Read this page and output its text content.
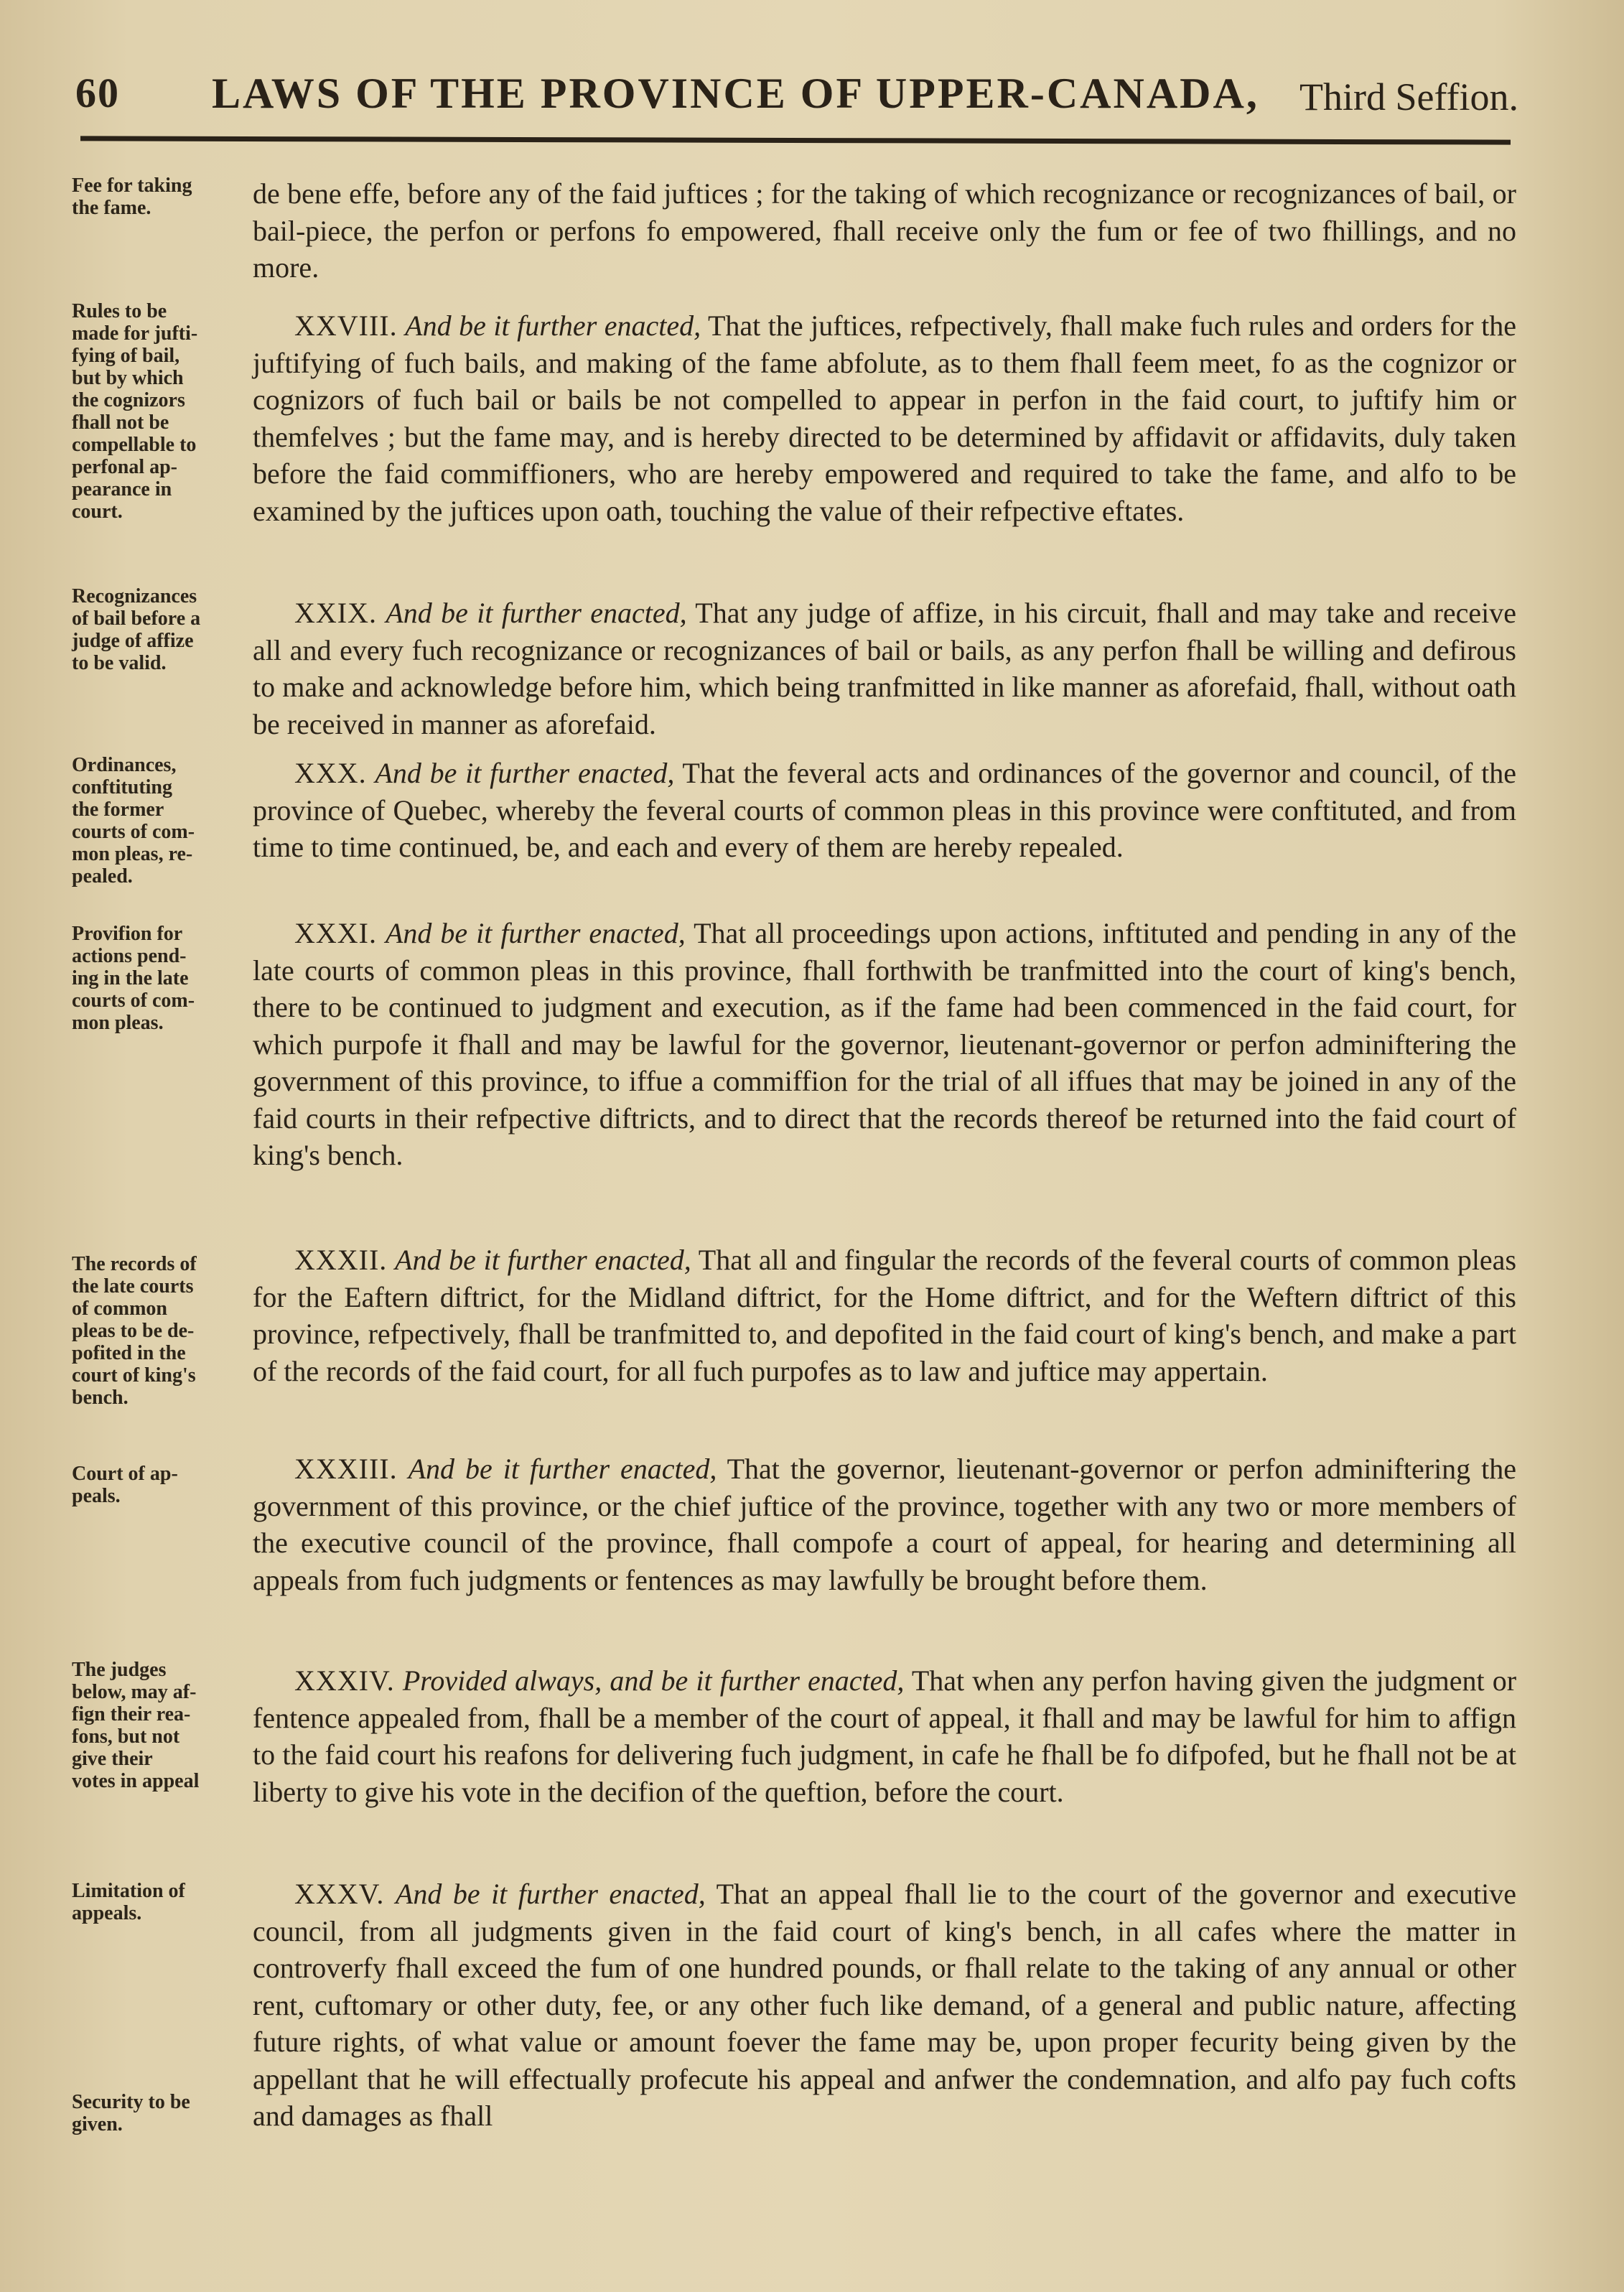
60 LAWS OF THE PROVINCE OF UPPER-CANADA, Third Seffion.
Fee for taking
the fame.	de bene effe, before any of the faid juftices ; for the taking of which recognizance or recognizances of bail, or bail-piece, the perfon or perfons fo empowered, fhall receive only the fum or fee of two fhillings, and no more.
Rules to be
made for jufti-
fying of bail,
but by which
the cognizors
fhall not be
compellable to
perfonal ap-
pearance in
court.
XXVIII. And be it further enacted, That the juftices, refpectively, fhall make fuch rules and orders for the juftifying of fuch bails, and making of the fame abfolute, as to them fhall feem meet, fo as the cognizor or cognizors of fuch bail or bails be not compelled to appear in perfon in the faid court, to juftify him or themfelves ; but the fame may, and is hereby directed to be determined by affidavit or affidavits, duly taken before the faid commiffioners, who are hereby empowered and required to take the fame, and alfo to be examined by the juftices upon oath, touching the value of their refpective eftates.
Recognizances
of bail before a
judge of affize
to be valid.
XXIX. And be it further enacted, That any judge of affize, in his circuit, fhall and may take and receive all and every fuch recognizance or recognizances of bail or bails, as any perfon fhall be willing and defirous to make and acknowledge before him, which being tranfmitted in like manner as aforefaid, fhall, without oath be received in manner as aforefaid.
Ordinances,
conftituting
the former
courts of com-
mon pleas, re-
pealed.
XXX. And be it further enacted, That the feveral acts and ordinances of the governor and council, of the province of Quebec, whereby the feveral courts of common pleas in this province were conftituted, and from time to time continued, be, and each and every of them are hereby repealed.
Provifion for
actions pend-
ing in the late
courts of com-
mon pleas.
XXXI. And be it further enacted, That all proceedings upon actions, inftituted and pending in any of the late courts of common pleas in this province, fhall forthwith be tranfmitted into the court of king's bench, there to be continued to judgment and execution, as if the fame had been commenced in the faid court, for which purpofe it fhall and may be lawful for the governor, lieutenant-governor or perfon adminiftering the government of this province, to iffue a commiffion for the trial of all iffues that may be joined in any of the faid courts in their refpective diftricts, and to direct that the records thereof be returned into the faid court of king's bench.
The records of
the late courts
of common
pleas to be de-
pofited in the
court of king's
bench.
XXXII. And be it further enacted, That all and fingular the records of the feveral courts of common pleas for the Eaftern diftrict, for the Midland diftrict, for the Home diftrict, and for the Weftern diftrict of this province, refpectively, fhall be tranfmitted to, and depofited in the faid court of king's bench, and make a part of the records of the faid court, for all fuch purpofes as to law and juftice may appertain.
Court of ap-
peals.
XXXIII. And be it further enacted, That the governor, lieutenant-governor or perfon adminiftering the government of this province, or the chief juftice of the province, together with any two or more members of the executive council of the province, fhall compofe a court of appeal, for hearing and determining all appeals from fuch judgments or fentences as may lawfully be brought before them.
The judges
below, may af-
fign their rea-
fons, but not
give their
votes in appeal
XXXIV. Provided always, and be it further enacted, That when any perfon having given the judgment or fentence appealed from, fhall be a member of the court of appeal, it fhall and may be lawful for him to affign to the faid court his reafons for delivering fuch judgment, in cafe he fhall be fo difpofed, but he fhall not be at liberty to give his vote in the decifion of the queftion, before the court.
Limitation of
appeals.
Security to be
given.
XXXV. And be it further enacted, That an appeal fhall lie to the court of the governor and executive council, from all judgments given in the faid court of king's bench, in all cafes where the matter in controverfy fhall exceed the fum of one hundred pounds, or fhall relate to the taking of any annual or other rent, cuftomary or other duty, fee, or any other fuch like demand, of a general and public nature, affecting future rights, of what value or amount foever the fame may be, upon proper fecurity being given by the appellant that he will effectually profecute his appeal and anfwer the condemnation, and alfo pay fuch cofts and damages as fhall
